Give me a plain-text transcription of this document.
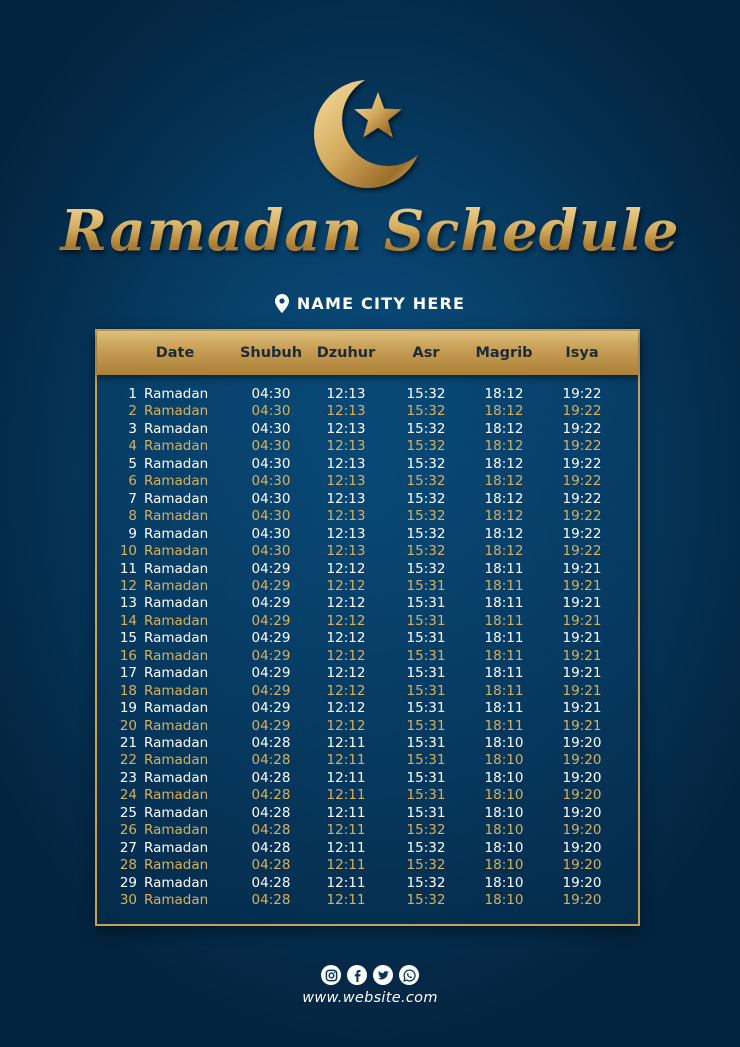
Ramadan Schedule
NAME CITY HERE
Date	Shubuh	Dzuhur	Asr	Magrib	Isya
1 Ramadan	04:30	12:13	15:32	18:12	19:22
2 Ramadan	04:30	12:13	15:32	18:12	19:22
3 Ramadan	04:30	12:13	15:32	18:12	19:22
4 Ramadan	04:30	12:13	15:32	18:12	19:22
5 Ramadan	04:30	12:13	15:32	18:12	19:22
6 Ramadan	04:30	12:13	15:32	18:12	19:22
7 Ramadan	04:30	12:13	15:32	18:12	19:22
8 Ramadan	04:30	12:13	15:32	18:12	19:22
9 Ramadan	04:30	12:13	15:32	18:12	19:22
10 Ramadan	04:30	12:13	15:32	18:12	19:22
11 Ramadan	04:29	12:12	15:32	18:11	19:21
12 Ramadan	04:29	12:12	15:31	18:11	19:21
13 Ramadan	04:29	12:12	15:31	18:11	19:21
14 Ramadan	04:29	12:12	15:31	18:11	19:21
15 Ramadan	04:29	12:12	15:31	18:11	19:21
16 Ramadan	04:29	12:12	15:31	18:11	19:21
17 Ramadan	04:29	12:12	15:31	18:11	19:21
18 Ramadan	04:29	12:12	15:31	18:11	19:21
19 Ramadan	04:29	12:12	15:31	18:11	19:21
20 Ramadan	04:29	12:12	15:31	18:11	19:21
21 Ramadan	04:28	12:11	15:31	18:10	19:20
22 Ramadan	04:28	12:11	15:31	18:10	19:20
23 Ramadan	04:28	12:11	15:31	18:10	19:20
24 Ramadan	04:28	12:11	15:31	18:10	19:20
25 Ramadan	04:28	12:11	15:31	18:10	19:20
26 Ramadan	04:28	12:11	15:32	18:10	19:20
27 Ramadan	04:28	12:11	15:32	18:10	19:20
28 Ramadan	04:28	12:11	15:32	18:10	19:20
29 Ramadan	04:28	12:11	15:32	18:10	19:20
30 Ramadan	04:28	12:11	15:32	18:10	19:20
www.website.com
